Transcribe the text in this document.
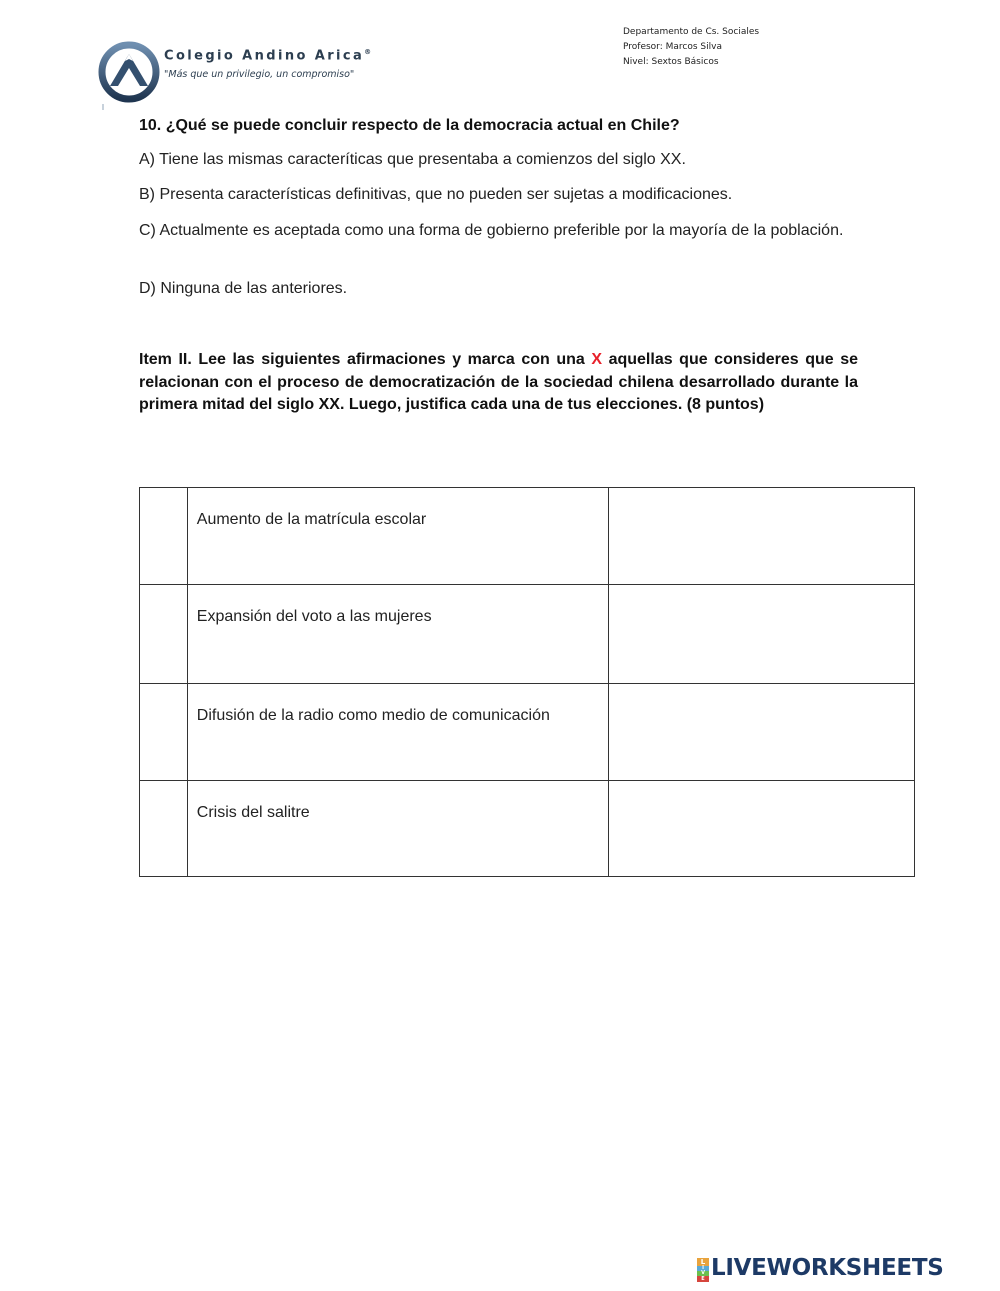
Departamento de Cs. Sociales
Profesor: Marcos Silva
Nivel: Sextos Básicos
Colegio Andino Arica®
"Más que un privilegio, un compromiso"
10. ¿Qué se puede concluir respecto de la democracia actual en Chile?
A) Tiene las mismas caracteríticas que presentaba a comienzos del siglo XX.
B) Presenta características definitivas, que no pueden ser sujetas a modificaciones.
C) Actualmente es aceptada como una forma de gobierno preferible por la mayoría de la población.
D) Ninguna de las anteriores.
Item II. Lee las siguientes afirmaciones y marca con una X aquellas que consideres que se relacionan con el proceso de democratización de la sociedad chilena desarrollado durante la primera mitad del siglo XX. Luego, justifica cada una de tus elecciones. (8 puntos)
	Aumento de la matrícula escolar	
	Expansión del voto a las mujeres	
	Difusión de la radio como medio de comunicación	
	Crisis del salitre	
L
I
V
E LIVEWORKSHEETS
